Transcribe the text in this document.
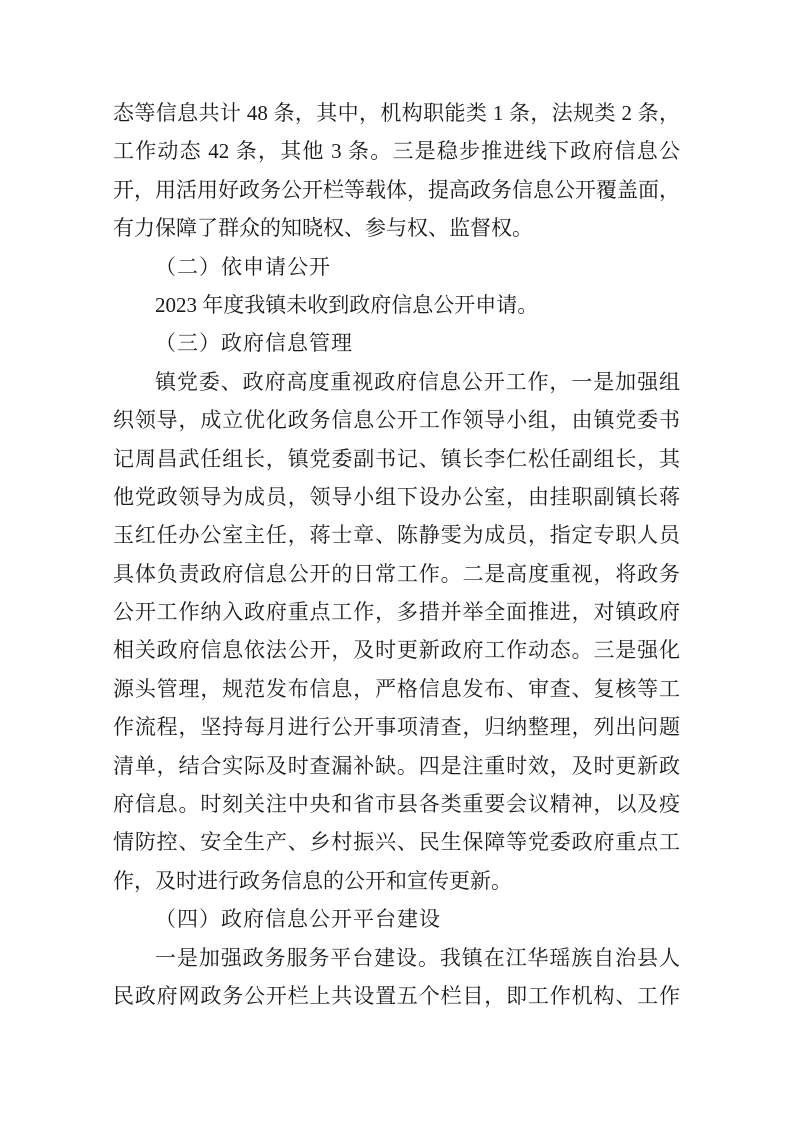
态等信息共计 48 条，其中，机构职能类 1 条，法规类 2 条，
工作动态 42 条，其他 3 条。三是稳步推进线下政府信息公
开，用活用好政务公开栏等载体，提高政务信息公开覆盖面，
有力保障了群众的知晓权、参与权、监督权。
（二）依申请公开
2023 年度我镇未收到政府信息公开申请。
（三）政府信息管理
镇党委、政府高度重视政府信息公开工作，一是加强组
织领导，成立优化政务信息公开工作领导小组，由镇党委书
记周昌武任组长，镇党委副书记、镇长李仁松任副组长，其
他党政领导为成员，领导小组下设办公室，由挂职副镇长蒋
玉红任办公室主任，蒋士章、陈静雯为成员，指定专职人员
具体负责政府信息公开的日常工作。二是高度重视，将政务
公开工作纳入政府重点工作，多措并举全面推进，对镇政府
相关政府信息依法公开，及时更新政府工作动态。三是强化
源头管理，规范发布信息，严格信息发布、审查、复核等工
作流程，坚持每月进行公开事项清查，归纳整理，列出问题
清单，结合实际及时查漏补缺。四是注重时效，及时更新政
府信息。时刻关注中央和省市县各类重要会议精神，以及疫
情防控、安全生产、乡村振兴、民生保障等党委政府重点工
作，及时进行政务信息的公开和宣传更新。
（四）政府信息公开平台建设
一是加强政务服务平台建设。我镇在江华瑶族自治县人
民政府网政务公开栏上共设置五个栏目，即工作机构、工作
